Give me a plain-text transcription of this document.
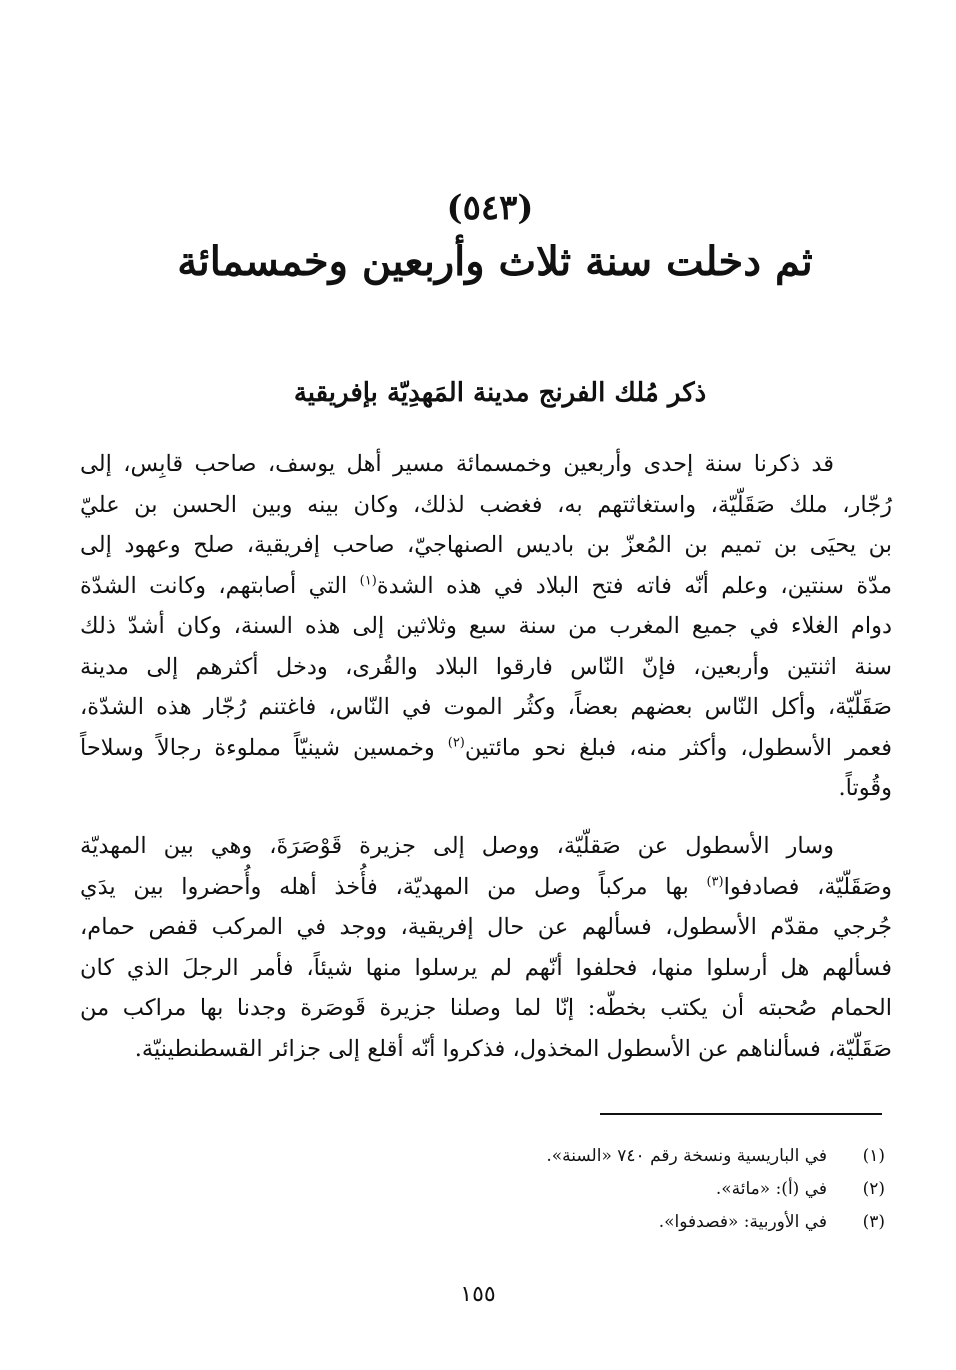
(٥٤٣)
ثم دخلت سنة ثلاث وأربعين وخمسمائة
ذكر مُلك الفرنج مدينة المَهدِيّة بإفريقية
قد ذكرنا سنة إحدى وأربعين وخمسمائة مسير أهل يوسف، صاحب قابِس، إلى
رُجّار، ملك صَقَلّيّة، واستغاثتهم به، فغضب لذلك، وكان بينه وبين الحسن بن عليّ
بن يحيَى بن تميم بن المُعزّ بن باديس الصنهاجيّ، صاحب إفريقية، صلح وعهود إلى
مدّة سنتين، وعلم أنّه فاته فتح البلاد في هذه الشدة$^{(١)}$ التي أصابتهم، وكانت الشدّة
دوام الغلاء في جميع المغرب من سنة سبع وثلاثين إلى هذه السنة، وكان أشدّ ذلك
سنة اثنتين وأربعين، فإنّ النّاس فارقوا البلاد والقُرى، ودخل أكثرهم إلى مدينة
صَقَلّيّة، وأكل النّاس بعضهم بعضاً، وكثُر الموت في النّاس، فاغتنم رُجّار هذه الشدّة،
فعمر الأسطول، وأكثر منه، فبلغ نحو مائتين$^{(٢)}$ وخمسين شينيّاً مملوءة رجالاً وسلاحاً
وقُوتاً.
وسار الأسطول عن صَقلّيّة، ووصل إلى جزيرة قَوْصَرَةَ، وهي بين المهديّة
وصَقَلّيّة، فصادفوا$^{(٣)}$ بها مركباً وصل من المهديّة، فأُخذ أهله وأُحضروا بين يدَي
جُرجي مقدّم الأسطول، فسألهم عن حال إفريقية، ووجد في المركب قفص حمام،
فسألهم هل أرسلوا منها، فحلفوا أنّهم لم يرسلوا منها شيئاً، فأمر الرجلَ الذي كان
الحمام صُحبته أن يكتب بخطّه: إنّا لما وصلنا جزيرة قَوصَرة وجدنا بها مراكب من
صَقَلّيّة، فسألناهم عن الأسطول المخذول، فذكروا أنّه أقلع إلى جزائر القسطنطينيّة.
(١)في الباريسية ونسخة رقم ٧٤٠ «السنة».
(٢)في (أ): «مائة».
(٣)في الأوربية: «فصدفوا».
١٥٥
